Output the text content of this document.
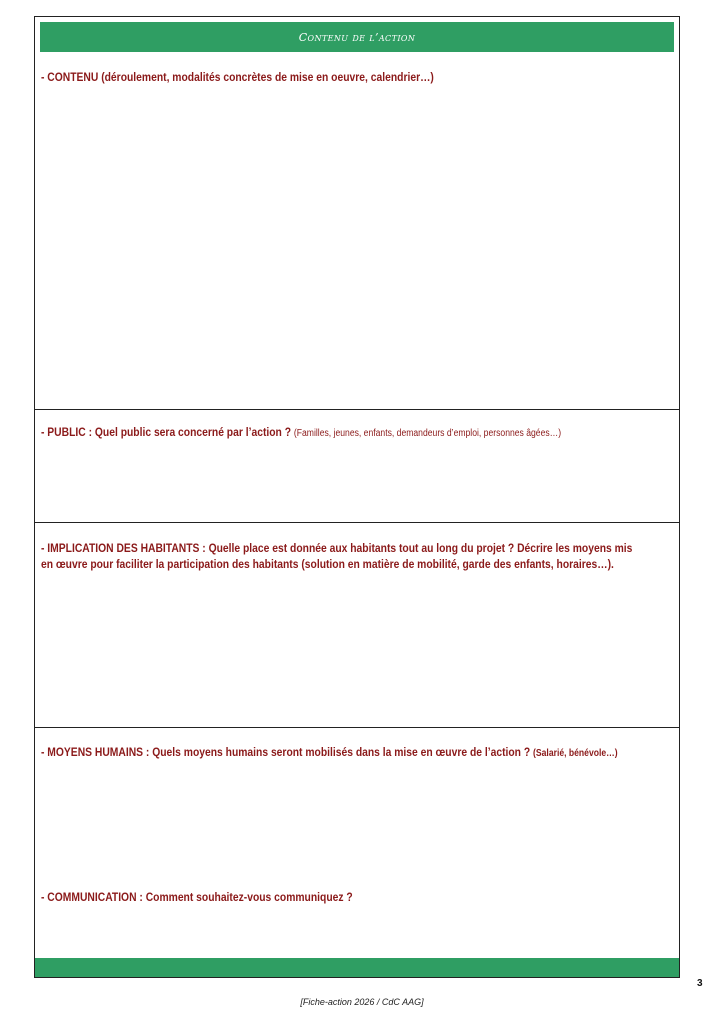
Contenu de l’action
- CONTENU (déroulement, modalités concrètes de mise en oeuvre, calendrier…)
- PUBLIC : Quel public sera concerné par l’action ? (Familles, jeunes, enfants, demandeurs d’emploi, personnes âgées…)
- IMPLICATION DES HABITANTS : Quelle place est donnée aux habitants tout au long du projet ? Décrire les moyens mis
en œuvre pour faciliter la participation des habitants (solution en matière de mobilité, garde des enfants, horaires…).
- MOYENS HUMAINS : Quels moyens humains seront mobilisés dans la mise en œuvre de l’action ? (Salarié, bénévole…)
- COMMUNICATION : Comment souhaitez-vous communiquez ?
3
[Fiche-action 2026 / CdC AAG]
